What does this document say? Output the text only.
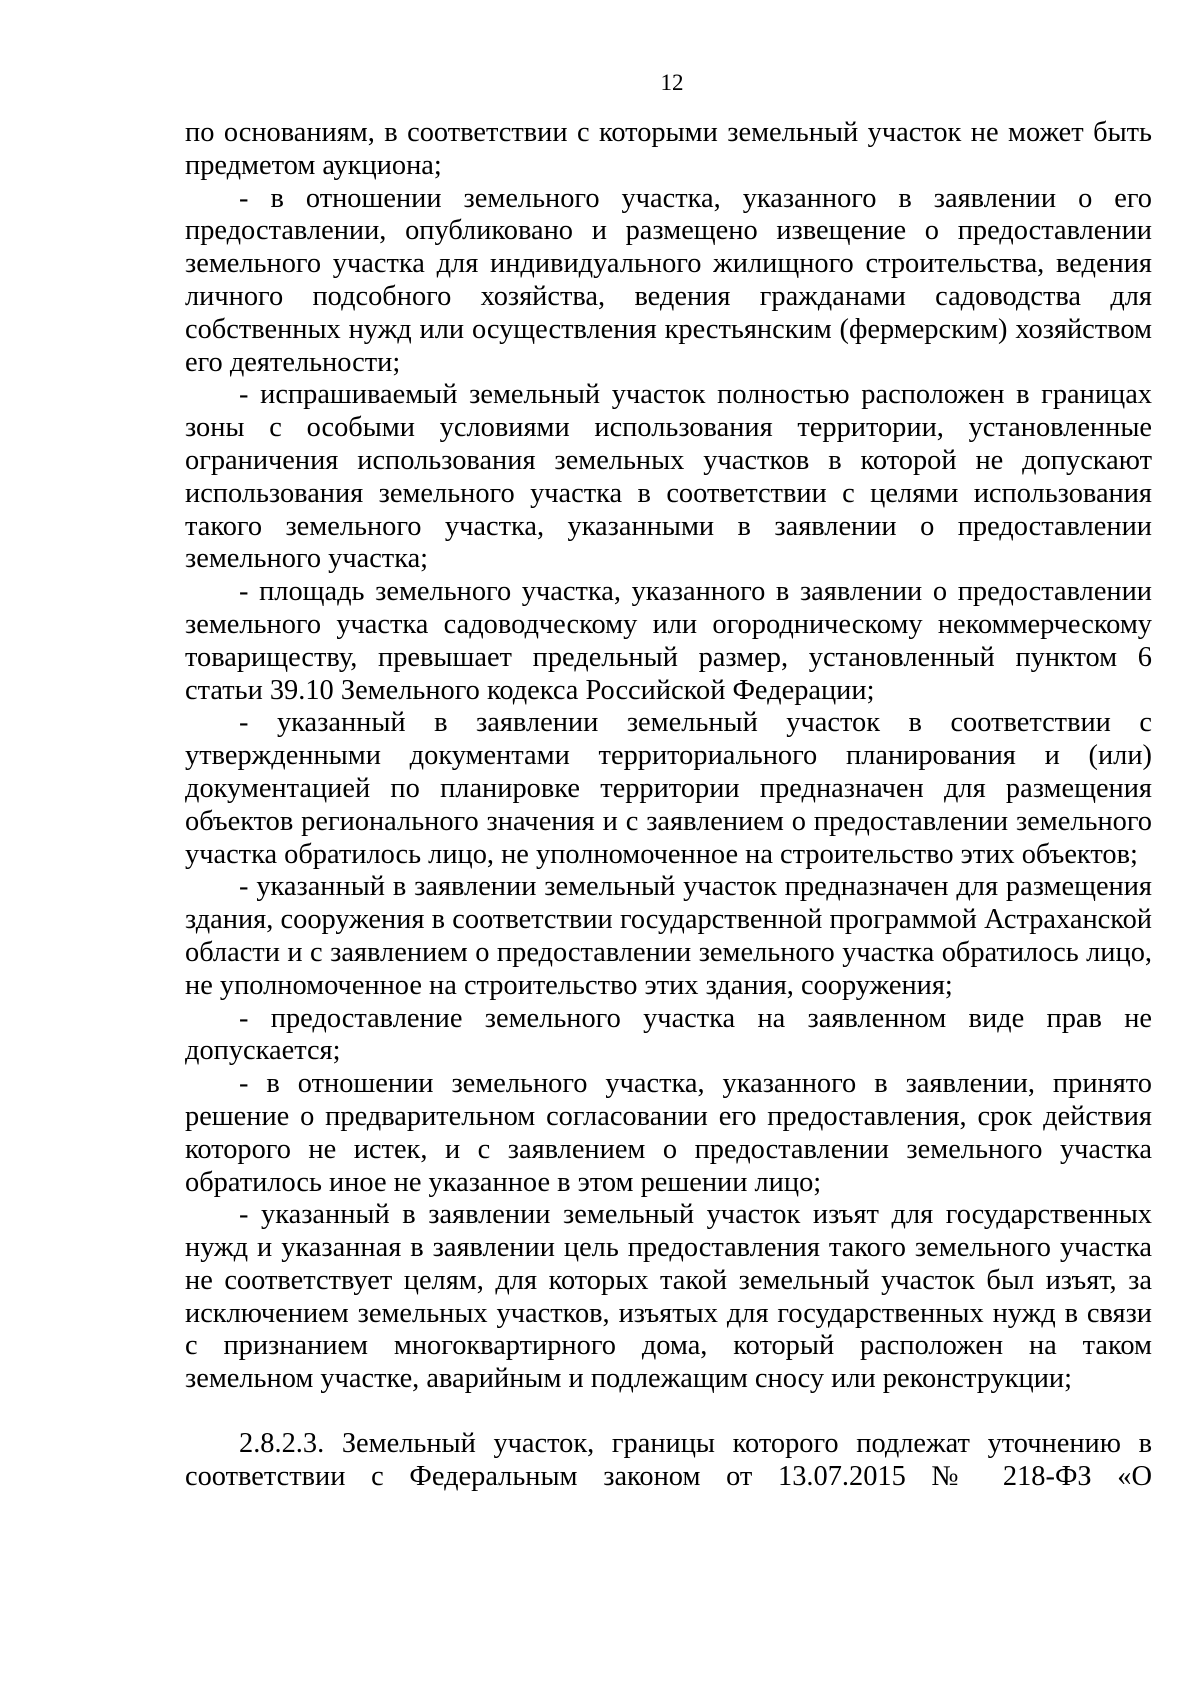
12

по основаниям, в соответствии с которыми земельный участок не может быть предметом аукциона;

- в отношении земельного участка, указанного в заявлении о его предоставлении, опубликовано и размещено извещение о предоставлении земельного участка для индивидуального жилищного строительства, ведения личного подсобного хозяйства, ведения гражданами садоводства для собственных нужд или осуществления крестьянским (фермерским) хозяйством его деятельности;

- испрашиваемый земельный участок полностью расположен в границах зоны с особыми условиями использования территории, установленные ограничения использования земельных участков в которой не допускают использования земельного участка в соответствии с целями использования такого земельного участка, указанными в заявлении о предоставлении земельного участка;

- площадь земельного участка, указанного в заявлении о предоставлении земельного участка садоводческому или огородническому некоммерческому товариществу, превышает предельный размер, установленный пунктом 6 статьи 39.10 Земельного кодекса Российской Федерации;

- указанный в заявлении земельный участок в соответствии с утвержденными документами территориального планирования и (или) документацией по планировке территории предназначен для размещения объектов регионального значения и с заявлением о предоставлении земельного участка обратилось лицо, не уполномоченное на строительство этих объектов;

- указанный в заявлении земельный участок предназначен для размещения здания, сооружения в соответствии государственной программой Астраханской области и с заявлением о предоставлении земельного участка обратилось лицо, не уполномоченное на строительство этих здания, сооружения;

- предоставление земельного участка на заявленном виде прав не допускается;

- в отношении земельного участка, указанного в заявлении, принято решение о предварительном согласовании его предоставления, срок действия которого не истек, и с заявлением о предоставлении земельного участка обратилось иное не указанное в этом решении лицо;

- указанный в заявлении земельный участок изъят для государственных нужд и указанная в заявлении цель предоставления такого земельного участка не соответствует целям, для которых такой земельный участок был изъят, за исключением земельных участков, изъятых для государственных нужд в связи с признанием многоквартирного дома, который расположен на таком земельном участке, аварийным и подлежащим сносу или реконструкции;

2.8.2.3. Земельный участок, границы которого подлежат уточнению в соответствии с Федеральным законом от 13.07.2015 № 218-ФЗ «О
